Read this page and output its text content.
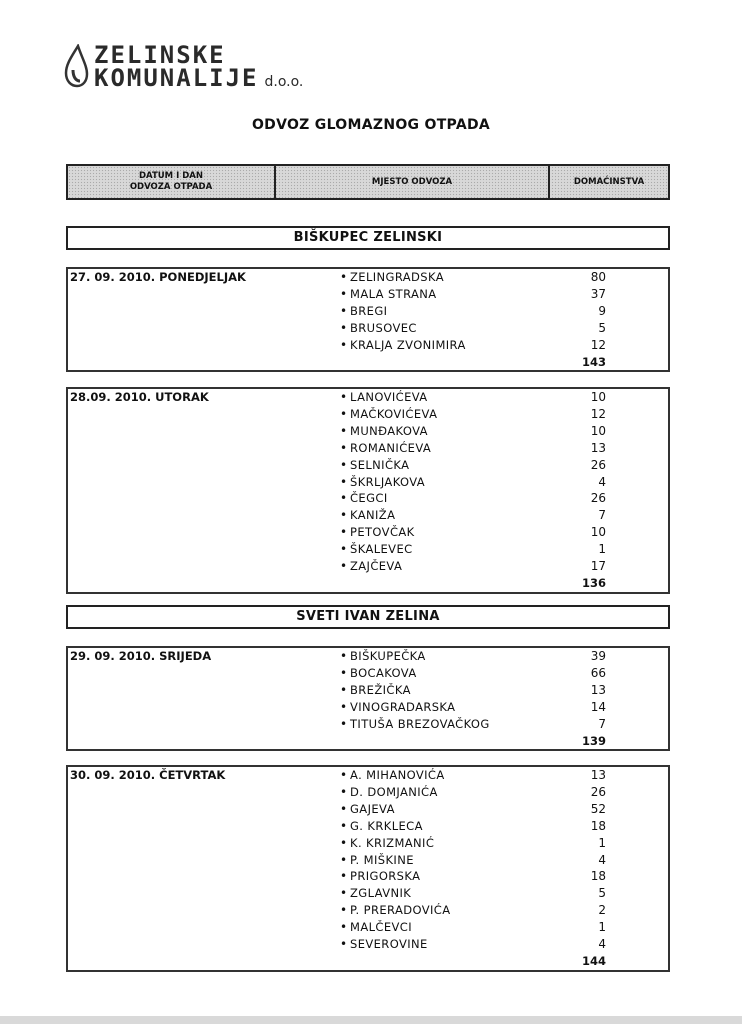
ZELINSKE
KOMUNALIJE d.o.o.
ODVOZ GLOMAZNOG OTPADA
DATUM I DAN
ODVOZA OTPADA
MJESTO ODVOZA	DOMAĆINSTVA
BIŠKUPEC ZELINSKI
27. 09. 2010. PONEDJELJAK	• ZELINGRADSKA	80
• MALA STRANA	37
• BREGI	9
• BRUSOVEC	5
• KRALJA ZVONIMIRA	12
143
28.09. 2010. UTORAK	• LANOVIĆEVA	10
• MAČKOVIĆEVA	12
• MUNĐAKOVA	10
• ROMANIĆEVA	13
• SELNIČKA	26
• ŠKRLJAKOVA	4
• ČEGCI	26
• KANIŽA	7
• PETOVČAK	10
• ŠKALEVEC	1
• ZAJČEVA	17
136
SVETI IVAN ZELINA
29. 09. 2010. SRIJEDA	• BIŠKUPEČKA	39
• BOCAKOVA	66
• BREŽIČKA	13
• VINOGRADARSKA	14
• TITUŠA BREZOVAČKOG	7
139
30. 09. 2010. ČETVRTAK	• A. MIHANOVIĆA	13
• D. DOMJANIĆA	26
• GAJEVA	52
• G. KRKLECA	18
• K. KRIZMANIĆ	1
• P. MIŠKINE	4
• PRIGORSKA	18
• ZGLAVNIK	5
• P. PRERADOVIĆA	2
• MALČEVCI	1
• SEVEROVINE	4
144
